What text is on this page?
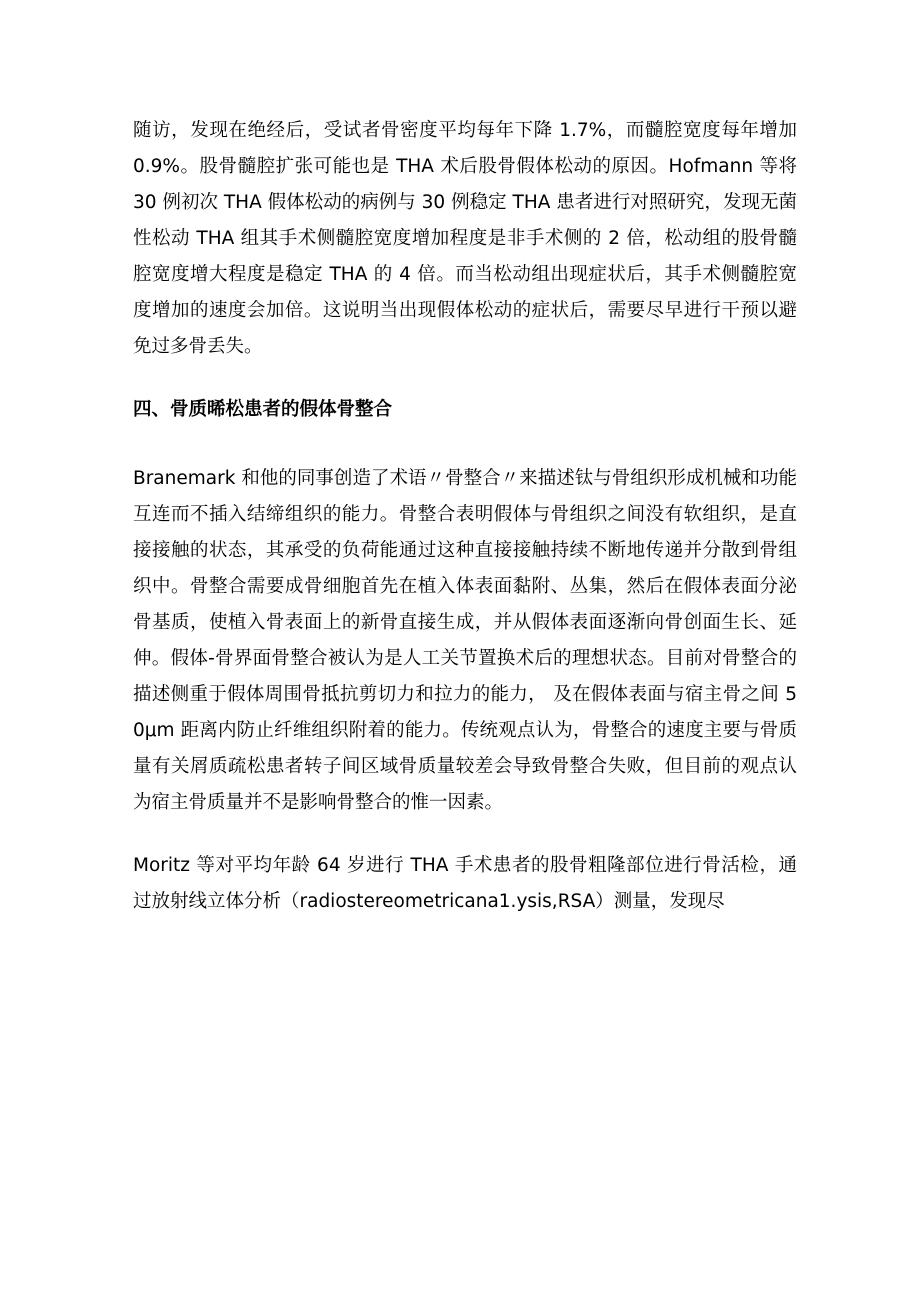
随访，发现在绝经后，受试者骨密度平均每年下降 1.7%，而髓腔宽度每年增加 0.9%。股骨髓腔扩张可能也是 THA 术后股骨假体松动的原因。Hofmann 等将 30 例初次 THA 假体松动的病例与 30 例稳定 THA 患者进行对照研究，发现无菌性松动 THA 组其手术侧髓腔宽度增加程度是非手术侧的 2 倍，松动组的股骨髓腔宽度增大程度是稳定 THA 的 4 倍。而当松动组出现症状后，其手术侧髓腔宽度增加的速度会加倍。这说明当出现假体松动的症状后，需要尽早进行干预以避免过多骨丢失。

四、骨质晞松患者的假体骨整合

Branemark 和他的同事创造了术语〃骨整合〃来描述钛与骨组织形成机械和功能互连而不插入结缔组织的能力。骨整合表明假体与骨组织之间没有软组织，是直接接触的状态，其承受的负荷能通过这种直接接触持续不断地传递并分散到骨组织中。骨整合需要成骨细胞首先在植入体表面黏附、丛集，然后在假体表面分泌骨基质，使植入骨表面上的新骨直接生成，并从假体表面逐渐向骨创面生长、延伸。假体-骨界面骨整合被认为是人工关节置换术后的理想状态。目前对骨整合的描述侧重于假体周围骨抵抗剪切力和拉力的能力， 及在假体表面与宿主骨之间 50μm 距离内防止纤维组织附着的能力。传统观点认为，骨整合的速度主要与骨质量有关屑质疏松患者转子间区域骨质量较差会导致骨整合失败，但目前的观点认为宿主骨质量并不是影响骨整合的惟一因素。

Moritz 等对平均年龄 64 岁进行 THA 手术患者的股骨粗隆部位进行骨活检，通过放射线立体分析（radiostereometricana1.ysis,RSA）测量，发现尽
